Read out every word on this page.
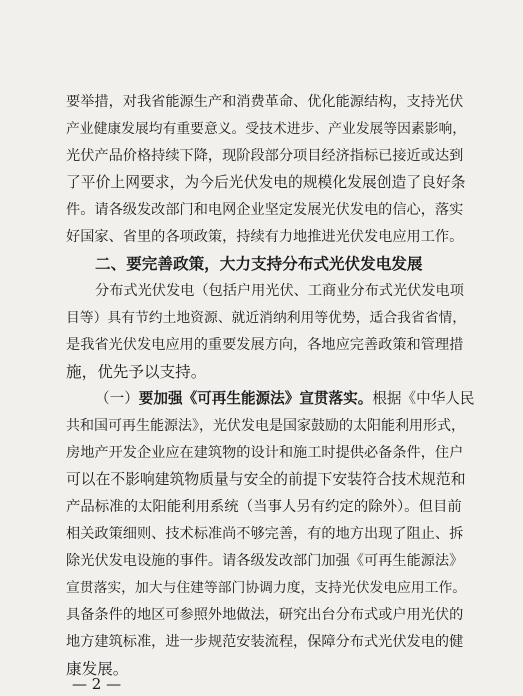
要举措，对我省能源生产和消费革命、优化能源结构，支持光伏
产业健康发展均有重要意义。受技术进步、产业发展等因素影响，
光伏产品价格持续下降，现阶段部分项目经济指标已接近或达到
了平价上网要求，为今后光伏发电的规模化发展创造了良好条
件。请各级发改部门和电网企业坚定发展光伏发电的信心，落实
好国家、省里的各项政策，持续有力地推进光伏发电应用工作。
二、要完善政策，大力支持分布式光伏发电发展
分布式光伏发电（包括户用光伏、工商业分布式光伏发电项
目等）具有节约土地资源、就近消纳利用等优势，适合我省省情，
是我省光伏发电应用的重要发展方向，各地应完善政策和管理措
施，优先予以支持。
（一）要加强《可再生能源法》宣贯落实。根据《中华人民
共和国可再生能源法》，光伏发电是国家鼓励的太阳能利用形式，
房地产开发企业应在建筑物的设计和施工时提供必备条件，住户
可以在不影响建筑物质量与安全的前提下安装符合技术规范和
产品标准的太阳能利用系统（当事人另有约定的除外）。但目前
相关政策细则、技术标准尚不够完善，有的地方出现了阻止、拆
除光伏发电设施的事件。请各级发改部门加强《可再生能源法》
宣贯落实，加大与住建等部门协调力度，支持光伏发电应用工作。
具备条件的地区可参照外地做法，研究出台分布式或户用光伏的
地方建筑标准，进一步规范安装流程，保障分布式光伏发电的健
康发展。
— 2 —
